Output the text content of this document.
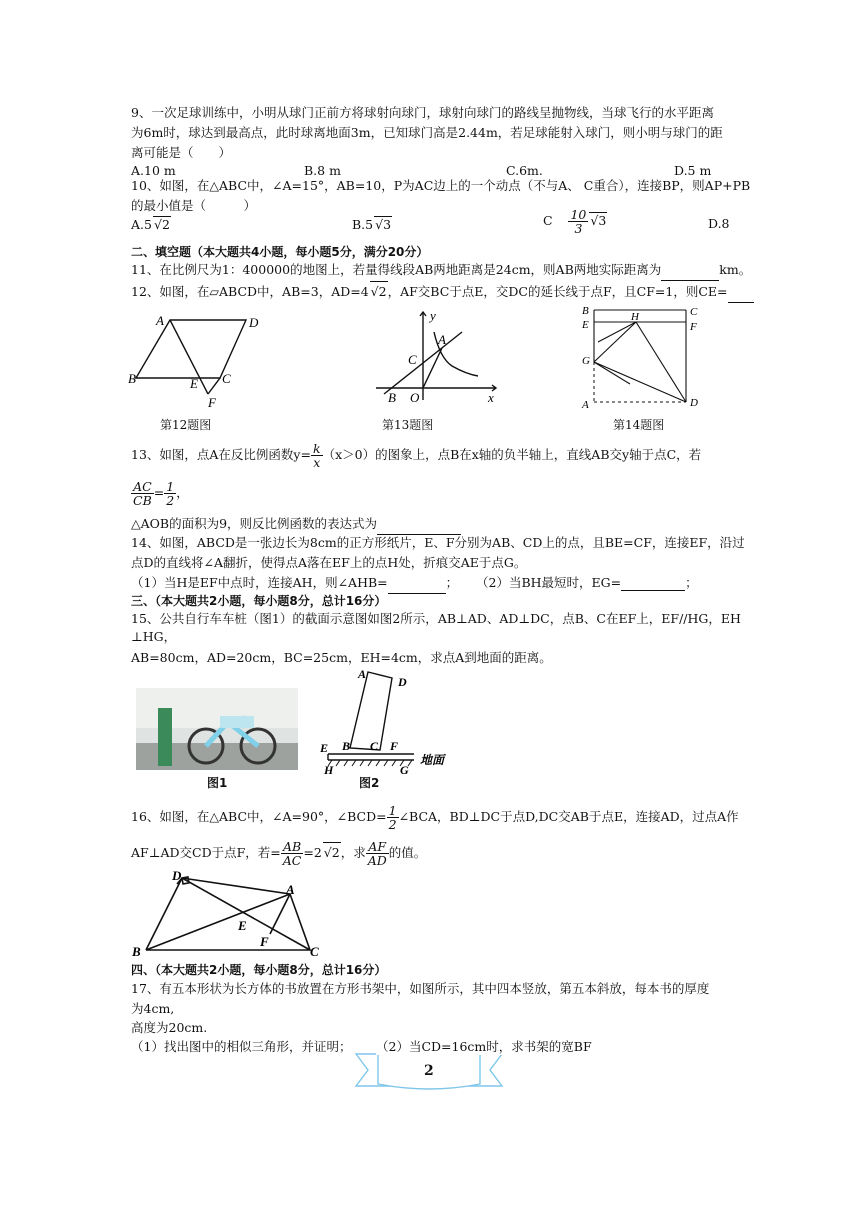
9、一次足球训练中，小明从球门正前方将球射向球门，球射向球门的路线呈抛物线，当球飞行的水平距离
为6m时，球达到最高点，此时球离地面3m，已知球门高是2.44m，若足球能射入球门，则小明与球门的距
离可能是（　　）
A.10 m	B.8 m	C.6m.	D.5 m
10、如图，在△ABC中，∠A=15°，AB=10，P为AC边上的一个动点（不与A、 C重合），连接BP，则AP+PB
的最小值是（　　　）
A.5 √2	B.5 √3	C $\frac{10}{3} √3$	D.8
二、填空题（本大题共4小题，每小题5分，满分20分）
11、在比例尺为1：400000的地图上，若量得线段AB两地距离是24cm，则AB两地实际距离为	km。
12、如图，在▱ABCD中，AB=3，AD=4 √2，AF交BC于点E，交DC的延长线于点F，且CF=1，则CE=
A	D
B	E C
F
第12题图
y
A
C
B O	x
第13题图
B	C
E
H
F
G
A	D
第14题图
13、如图，点A在反比例函数$y= \frac{k}{x} (x>0)$的图象上，点B在x轴的负半轴上，直线AB交y轴于点C，若
$\frac{AC}{CB} = \frac{1}{2}$ ，
△AOB的面积为9，则反比例函数的表达式为
14、如图，ABCD是一张边长为8cm的正方形纸片，E、F分别为AB、CD上的点，且BE=CF，连接EF，沿过
点D的直线将∠A翻折，使得点A落在EF上的点H处，折痕交AE于点G。
（1）当H是EF中点时，连接AH，则∠AHB=	； （2）当BH最短时，EG=	；
三、（本大题共2小题，每小题8分，总计16分）
15、公共自行车车桩（图1）的截面示意图如图2所示，AB⊥AD、AD⊥DC，点B、C在EF上，EF//HG，EH
⊥HG，
AB=80cm，AD=20cm，BC=25cm，EH=4cm，求点A到地面的距离。
图1
A
D
E B C F
H	G
地面
图2
16、如图，在△ABC中，∠A=90°，∠BCD= $\frac{1}{2}$ ∠BCA，BD⊥DC于点D,DC交AB于点E，连接AD，过点A作
AF⊥AD交CD于点F，若= $\frac{AB}{AC} =2$ √2，求 $\frac{AF}{AD}$ 的值。
D
A
E
F
B	C
四、（本大题共2小题，每小题8分，总计16分）
17、有五本形状为长方体的书放置在方形书架中，如图所示，其中四本竖放，第五本斜放，每本书的厚度
为4cm,
高度为20cm.
（1）找出图中的相似三角形，并证明； （2）当CD=16cm时，求书架的宽BF
2
